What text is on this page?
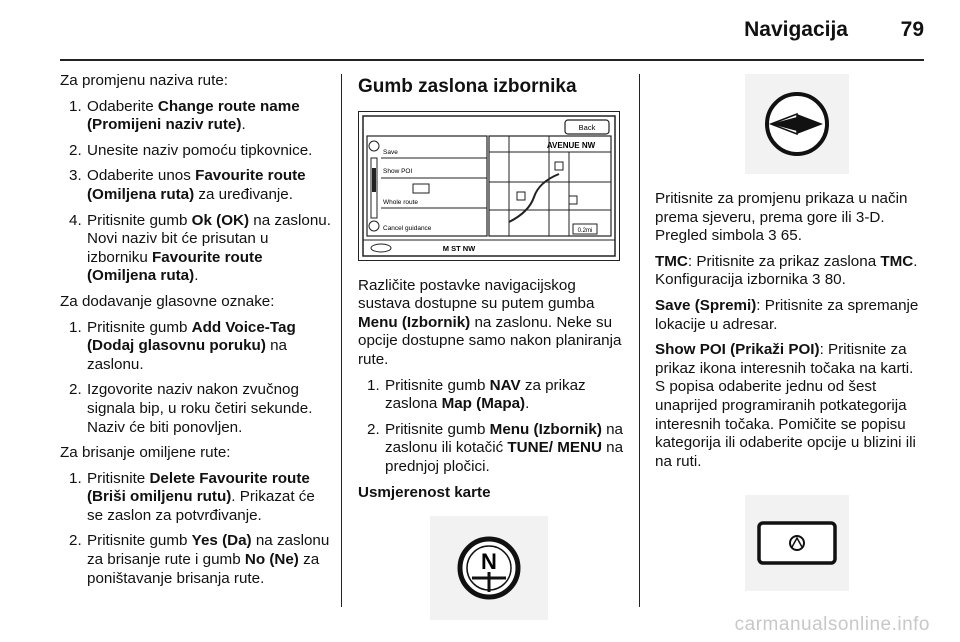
Navigacija	79

Za promjenu naziva rute:

1. Odaberite Change route name (Promijeni naziv rute).
2. Unesite naziv pomoću tipkovnice.
3. Odaberite unos Favourite route (Omiljena ruta) za uređivanje.
4. Pritisnite gumb Ok (OK) na zaslonu. Novi naziv bit će prisutan u izborniku Favourite route (Omiljena ruta).

Za dodavanje glasovne oznake:

1. Pritisnite gumb Add Voice-Tag (Dodaj glasovnu poruku) na zaslonu.
2. Izgovorite naziv nakon zvučnog signala bip, u roku četiri sekunde. Naziv će biti ponovljen.

Za brisanje omiljene rute:

1. Pritisnite Delete Favourite route (Briši omiljenu rutu). Prikazat će se zaslon za potvrđivanje.
2. Pritisnite gumb Yes (Da) na zaslonu za brisanje rute i gumb No (Ne) za poništavanje brisanja rute.
Gumb zaslona izbornika
Back
AVENUE NW
Save
Show POI
Whole route
Cancel guidance	0.2mi
M ST NW

Različite postavke navigacijskog sustava dostupne su putem gumba Menu (Izbornik) na zaslonu. Neke su opcije dostupne samo nakon planiranja rute.

1. Pritisnite gumb NAV za prikaz zaslona Map (Mapa).
2. Pritisnite gumb Menu (Izbornik) na zaslonu ili kotačić TUNE/ MENU na prednjoj pločici.

Usmjerenost karte

N

Pritisnite za promjenu prikaza u način prema sjeveru, prema gore ili 3-D. Pregled simbola 3 65.

TMC: Pritisnite za prikaz zaslona TMC. Konfiguracija izbornika 3 80.

Save (Spremi): Pritisnite za spremanje lokacije u adresar.

Show POI (Prikaži POI): Pritisnite za prikaz ikona interesnih točaka na karti. S popisa odaberite jednu od šest unaprijed programiranih potkategorija interesnih točaka. Pomičite se popisu kategorija ili odaberite opcije u blizini ili na ruti.

carmanualsonline.info
